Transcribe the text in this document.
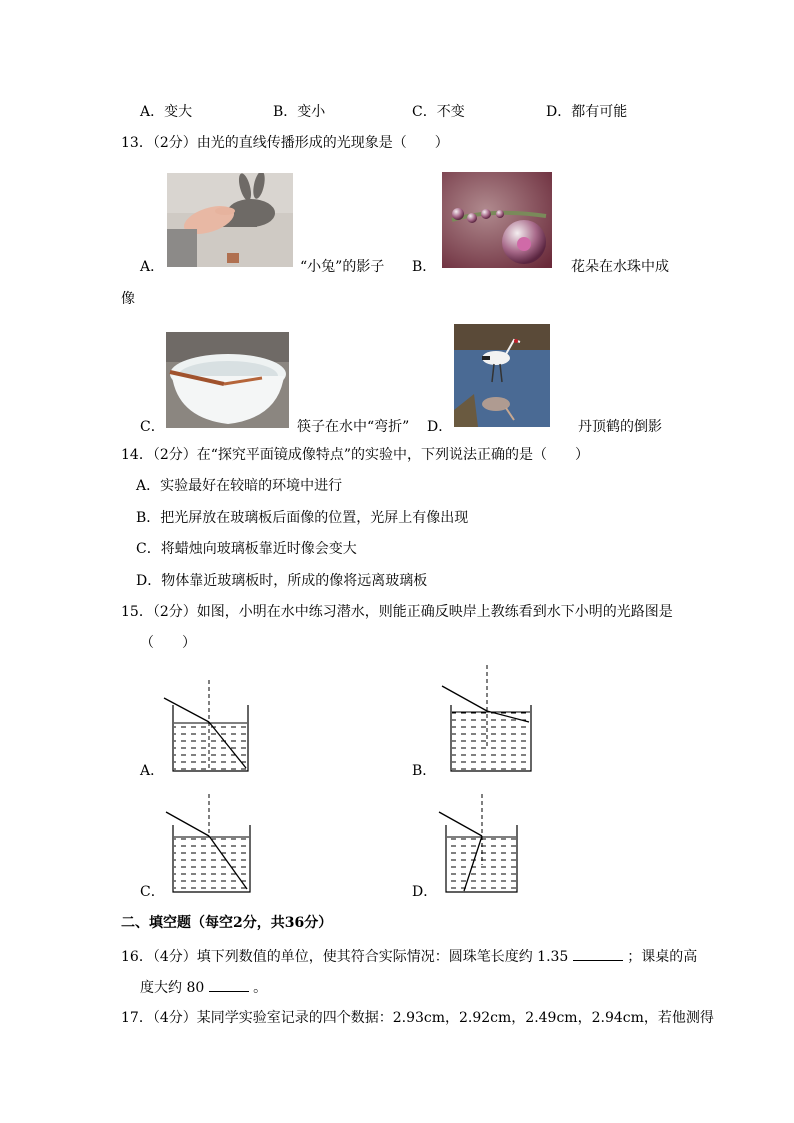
A．变大	B．变小	C．不变	D．都有可能
13．（2分）由光的直线传播形成的光现象是（　　）
A．	“小兔”的影子 B．	花朵在水珠中成
像
C．	筷子在水中“弯折” D．	丹顶鹤的倒影
14．（2分）在“探究平面镜成像特点”的实验中，下列说法正确的是（　　）
A．实验最好在较暗的环境中进行
B．把光屏放在玻璃板后面像的位置，光屏上有像出现
C．将蜡烛向玻璃板靠近时像会变大
D．物体靠近玻璃板时，所成的像将远离玻璃板
15．（2分）如图，小明在水中练习潜水，则能正确反映岸上教练看到水下小明的光路图是
（　　）
A．	B．
C．	D．
二、填空题（每空2分，共36分）
16．（4分）填下列数值的单位，使其符合实际情况：圆珠笔长度约 1.35	；课桌的高
度大约 80	。
17．（4分）某同学实验室记录的四个数据：2.93cm，2.92cm，2.49cm，2.94cm，若他测得
